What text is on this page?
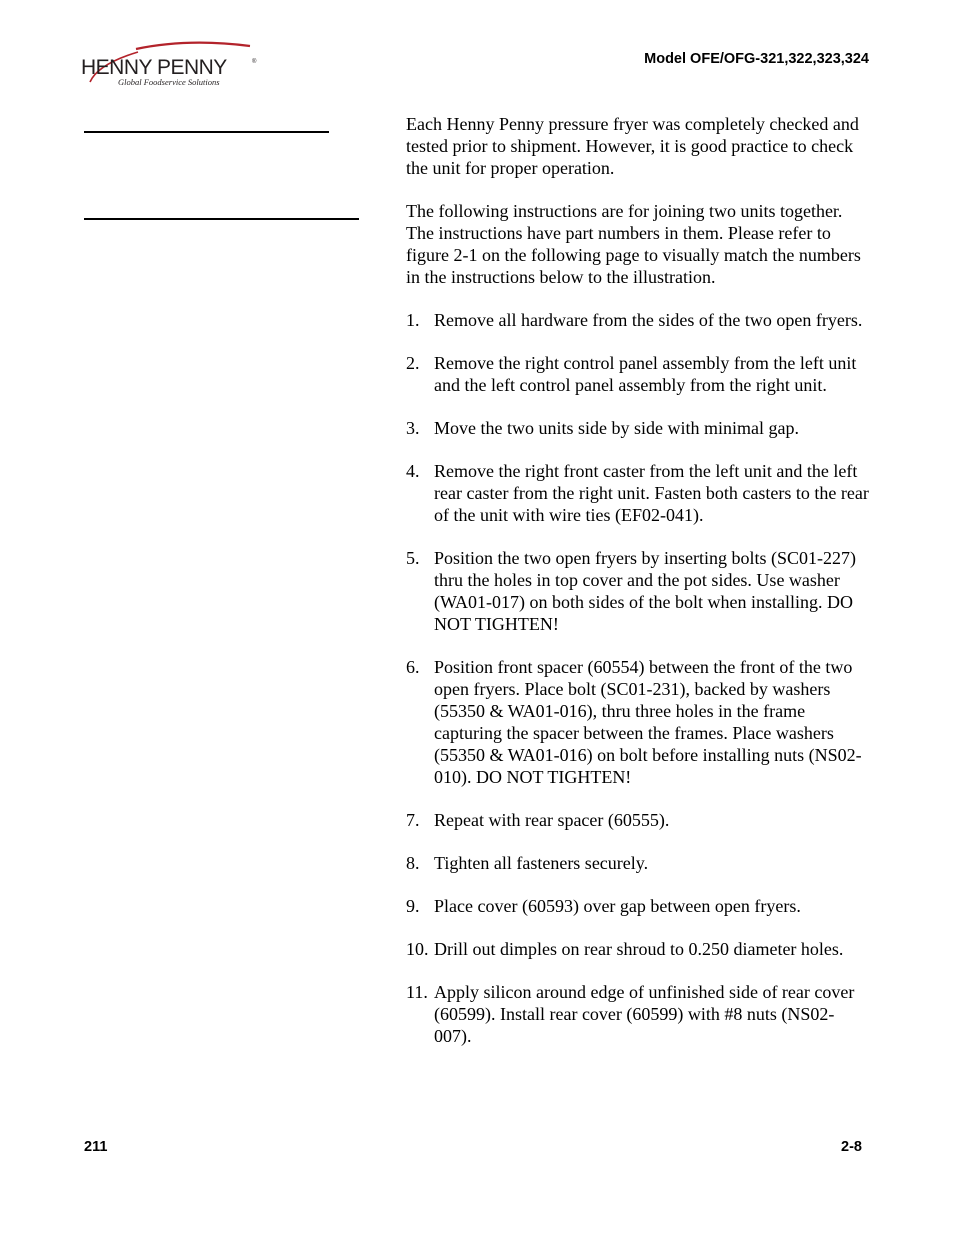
HENNY PENNY	®
Global Foodservice Solutions
Model OFE/OFG-321,322,323,324

Each Henny Penny pressure fryer was completely checked and tested prior to shipment. However, it is good practice to check the unit for proper operation.

The following instructions are for joining two units together. The instructions have part numbers in them. Please refer to figure 2-1 on the following page to visually match the numbers in the instructions below to the illustration.

1. Remove all hardware from the sides of the two open fryers.
2. Remove the right control panel assembly from the left unit and the left control panel assembly from the right unit.
3. Move the two units side by side with minimal gap.
4. Remove the right front caster from the left unit and the left rear caster from the right unit. Fasten both casters to the rear of the unit with wire ties (EF02-041).
5. Position the two open fryers by inserting bolts (SC01-227) thru the holes in top cover and the pot sides. Use washer (WA01-017) on both sides of the bolt when installing. DO NOT TIGHTEN!
6. Position front spacer (60554) between the front of the two open fryers. Place bolt (SC01-231), backed by washers (55350 & WA01-016), thru three holes in the frame capturing the spacer between the frames. Place washers
(55350 & WA01-016) on bolt before installing nuts (NS02-010). DO NOT TIGHTEN!
7. Repeat with rear spacer (60555).
8. Tighten all fasteners securely.
9. Place cover (60593) over gap between open fryers.
10. Drill out dimples on rear shroud to 0.250 diameter holes.
11. Apply silicon around edge of unfinished side of rear cover (60599). Install rear cover (60599) with #8 nuts (NS02-007).
211	2-8
